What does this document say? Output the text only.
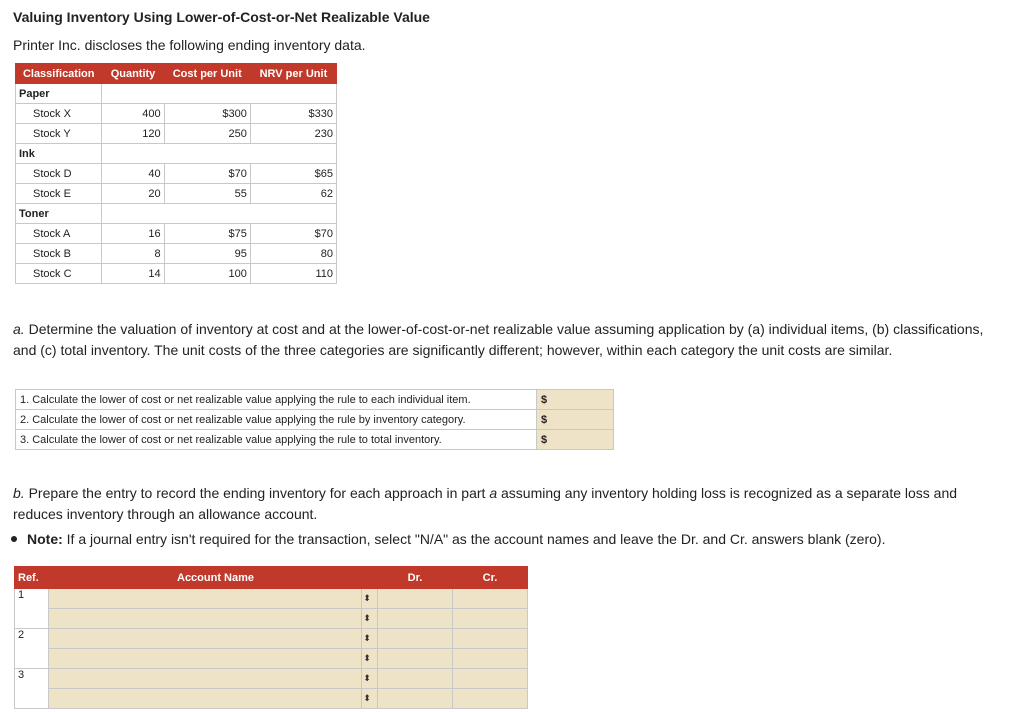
Valuing Inventory Using Lower-of-Cost-or-Net Realizable Value
Printer Inc. discloses the following ending inventory data.
Classification	Quantity	Cost per Unit	NRV per Unit
Paper			
Stock X	400	$300	$330
Stock Y	120	250	230
Ink			
Stock D	40	$70	$65
Stock E	20	55	62
Toner			
Stock A	16	$75	$70
Stock B	8	95	80
Stock C	14	100	110
a. Determine the valuation of inventory at cost and at the lower-of-cost-or-net realizable value assuming application by (a) individual items, (b) classifications, and (c) total inventory. The unit costs of the three categories are significantly different; however, within each category the unit costs are similar.
1. Calculate the lower of cost or net realizable value applying the rule to each individual item.	$
2. Calculate the lower of cost or net realizable value applying the rule by inventory category.	$
3. Calculate the lower of cost or net realizable value applying the rule to total inventory.	$
b. Prepare the entry to record the ending inventory for each approach in part a assuming any inventory holding loss is recognized as a separate loss and reduces inventory through an allowance account.
Note: If a journal entry isn't required for the transaction, select "N/A" as the account names and leave the Dr. and Cr. answers blank (zero).
Ref.	Account Name		Dr.	Cr.
1		⬍		
		⬍		
2		⬍		
		⬍		
3		⬍		
		⬍		
